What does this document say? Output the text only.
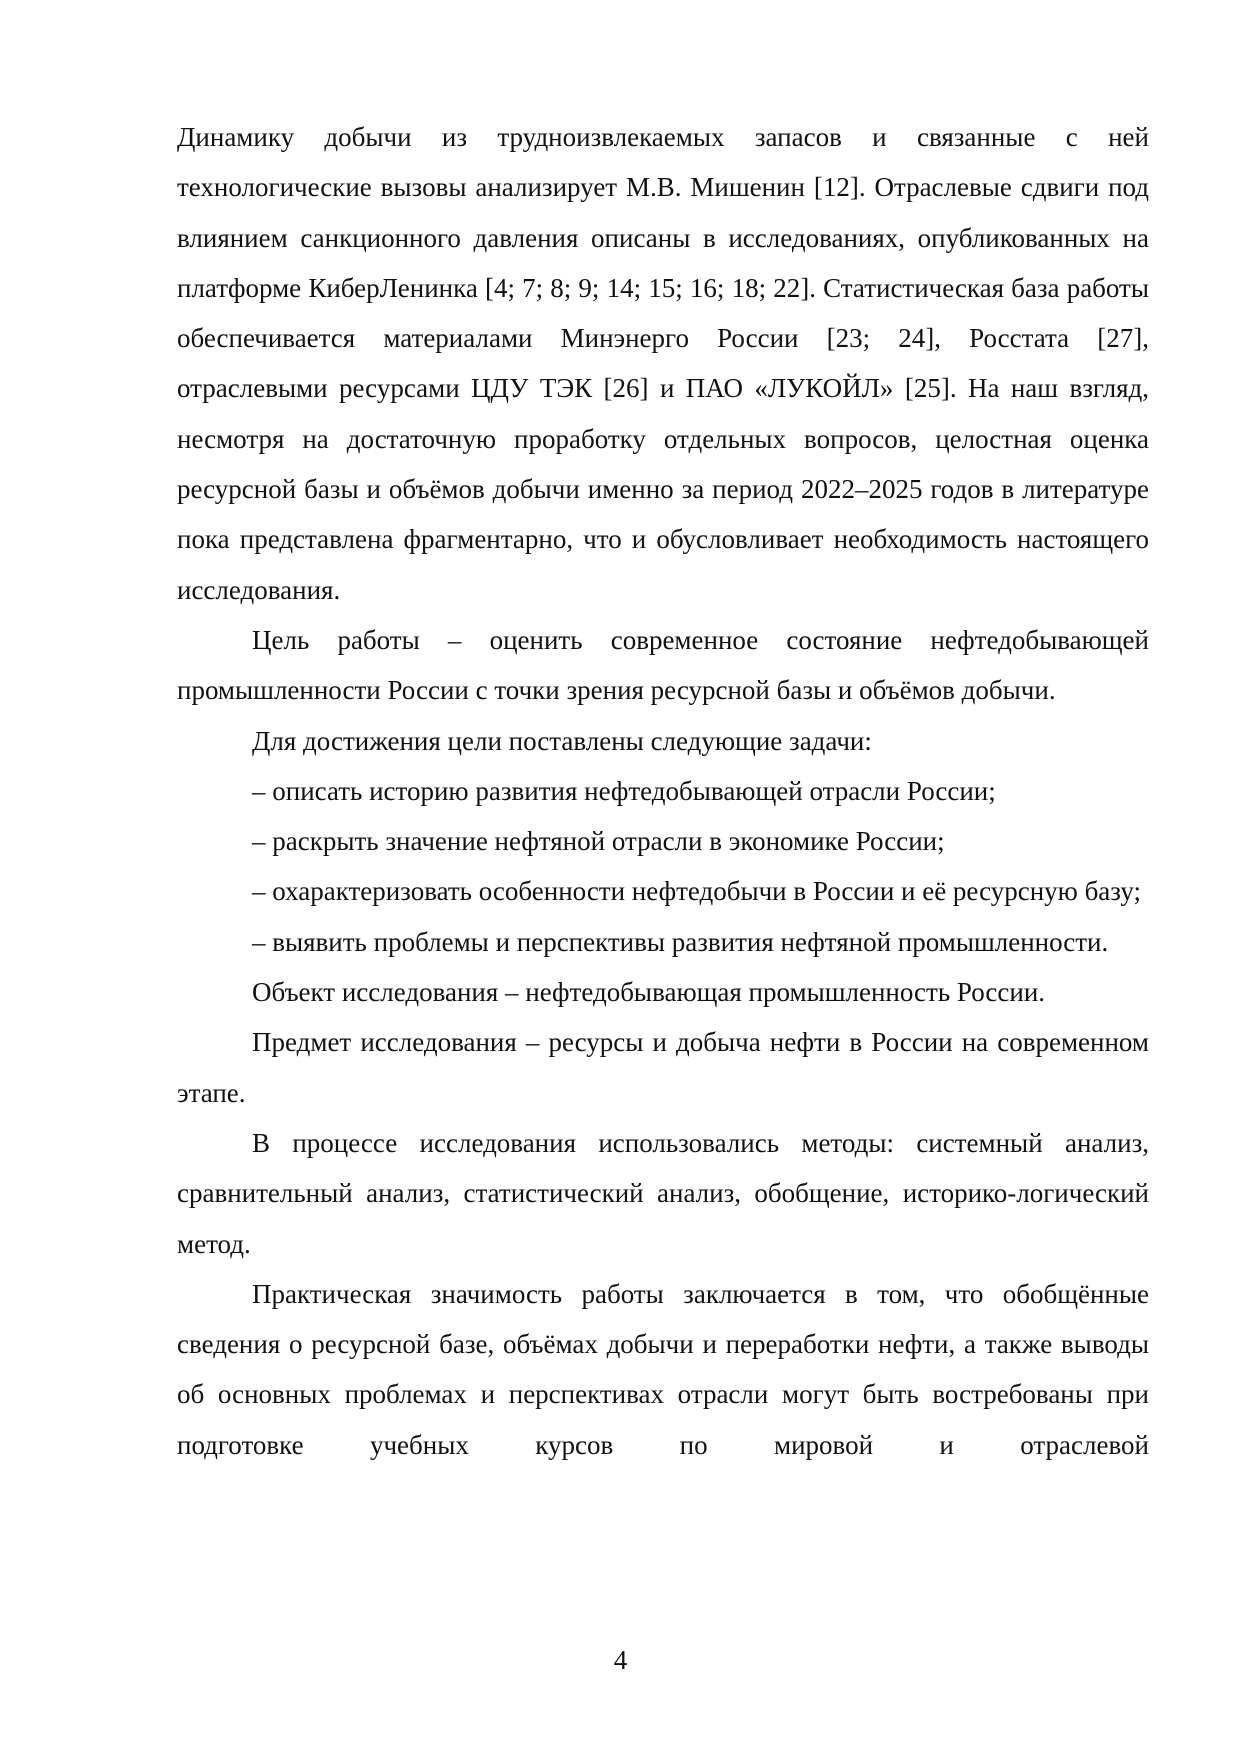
Динамику добычи из трудноизвлекаемых запасов и связанные с ней технологические вызовы анализирует М.В. Мишенин [12]. Отраслевые сдвиги под влиянием санкционного давления описаны в исследованиях, опубликованных на платформе КиберЛенинка [4; 7; 8; 9; 14; 15; 16; 18; 22]. Статистическая база работы обеспечивается материалами Минэнерго России [23; 24], Росстата [27], отраслевыми ресурсами ЦДУ ТЭК [26] и ПАО «ЛУКОЙЛ» [25]. На наш взгляд, несмотря на достаточную проработку отдельных вопросов, целостная оценка ресурсной базы и объёмов добычи именно за период 2022–2025 годов в литературе пока представлена фрагментарно, что и обусловливает необходимость настоящего исследования.

Цель работы – оценить современное состояние нефтедобывающей промышленности России с точки зрения ресурсной базы и объёмов добычи.

Для достижения цели поставлены следующие задачи:

– описать историю развития нефтедобывающей отрасли России;

– раскрыть значение нефтяной отрасли в экономике России;

– охарактеризовать особенности нефтедобычи в России и её ресурсную базу;

– выявить проблемы и перспективы развития нефтяной промышленности.

Объект исследования – нефтедобывающая промышленность России.

Предмет исследования – ресурсы и добыча нефти в России на современном этапе.

В процессе исследования использовались методы: системный анализ, сравнительный анализ, статистический анализ, обобщение, историко-логический метод.

Практическая значимость работы заключается в том, что обобщённые сведения о ресурсной базе, объёмах добычи и переработки нефти, а также выводы об основных проблемах и перспективах отрасли могут быть востребованы при подготовке учебных курсов по мировой и отраслевой

4
